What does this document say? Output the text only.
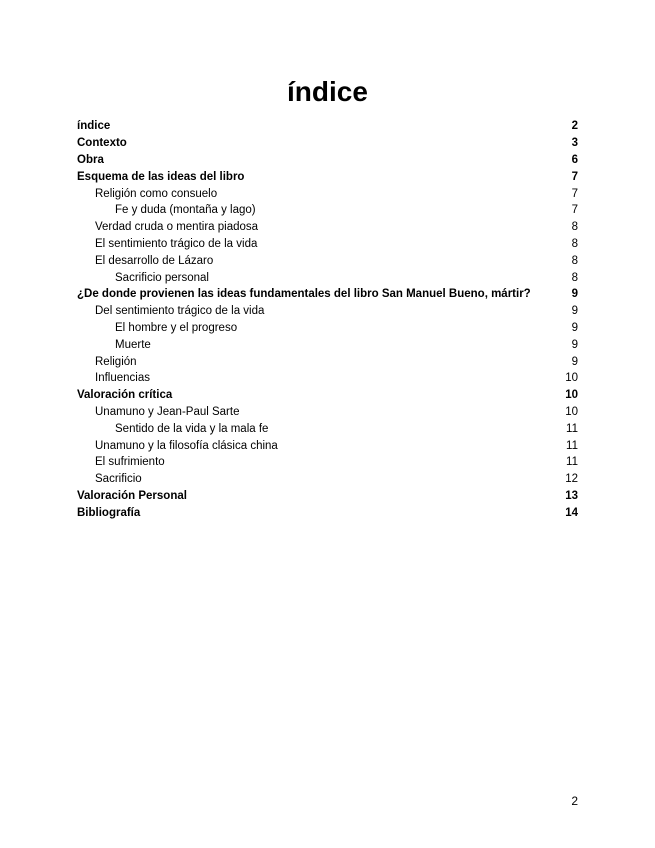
índice
índice	2
Contexto	3
Obra	6
Esquema de las ideas del libro	7
Religión como consuelo	7
Fe y duda (montaña y lago)	7
Verdad cruda o mentira piadosa	8
El sentimiento trágico de la vida	8
El desarrollo de Lázaro	8
Sacrificio personal	8
¿De donde provienen las ideas fundamentales del libro San Manuel Bueno, mártir?	9
Del sentimiento trágico de la vida	9
El hombre y el progreso	9
Muerte	9
Religión	9
Influencias	10
Valoración crítica	10
Unamuno y Jean-Paul Sarte	10
Sentido de la vida y la mala fe	11
Unamuno y la filosofía clásica china	11
El sufrimiento	11
Sacrificio	12
Valoración Personal	13
Bibliografía	14
2
